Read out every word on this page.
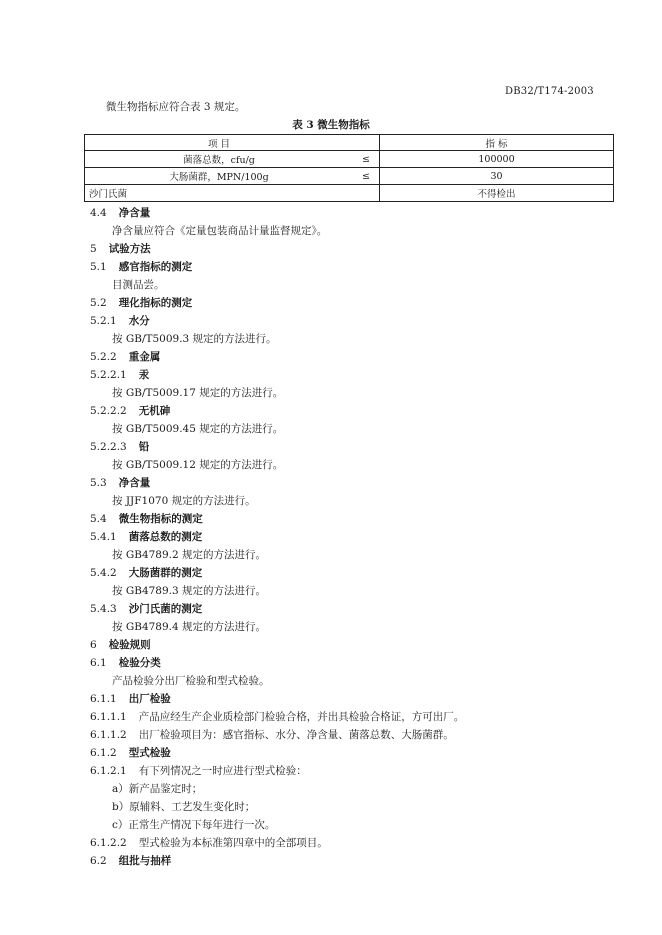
DB32/T174-2003
微生物指标应符合表 3 规定。
表 3 微生物指标
项 目		指 标
菌落总数，cfu/g	≤	100000
大肠菌群，MPN/100g	≤	30
沙门氏菌		不得检出
4.4 净含量
净含量应符合《定量包装商品计量监督规定》。
5 试验方法
5.1 感官指标的测定
目测品尝。
5.2 理化指标的测定
5.2.1 水分
按 GB/T5009.3 规定的方法进行。
5.2.2 重金属
5.2.2.1 汞
按 GB/T5009.17 规定的方法进行。
5.2.2.2 无机砷
按 GB/T5009.45 规定的方法进行。
5.2.2.3 铅
按 GB/T5009.12 规定的方法进行。
5.3 净含量
按 JJF1070 规定的方法进行。
5.4 微生物指标的测定
5.4.1 菌落总数的测定
按 GB4789.2 规定的方法进行。
5.4.2 大肠菌群的测定
按 GB4789.3 规定的方法进行。
5.4.3 沙门氏菌的测定
按 GB4789.4 规定的方法进行。
6 检验规则
6.1 检验分类
产品检验分出厂检验和型式检验。
6.1.1 出厂检验
6.1.1.1 产品应经生产企业质检部门检验合格，并出具检验合格证，方可出厂。
6.1.1.2 出厂检验项目为：感官指标、水分、净含量、菌落总数、大肠菌群。
6.1.2 型式检验
6.1.2.1 有下列情况之一时应进行型式检验：
a）新产品鉴定时；
b）原辅料、工艺发生变化时；
c）正常生产情况下每年进行一次。
6.1.2.2 型式检验为本标准第四章中的全部项目。
6.2 组批与抽样
